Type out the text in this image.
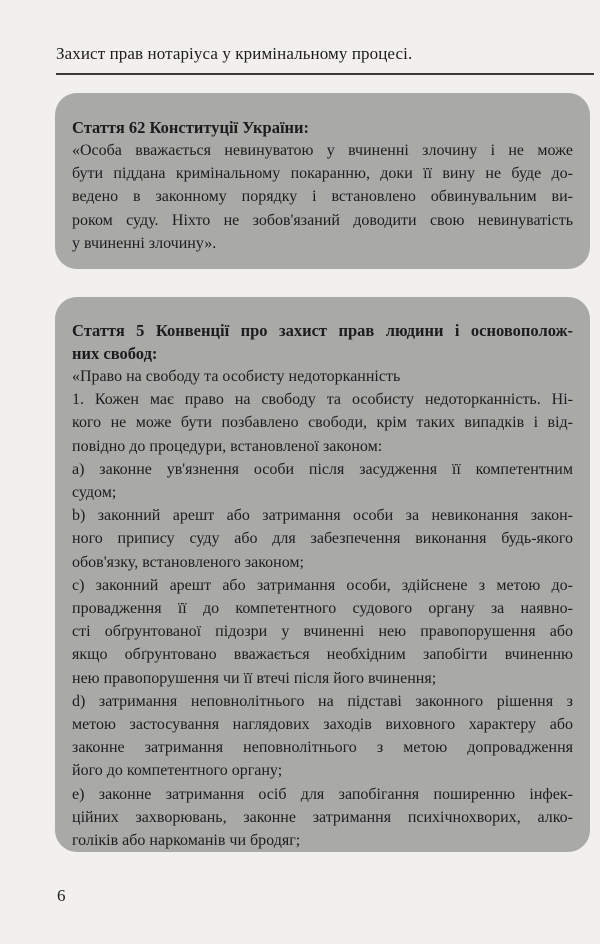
Захист прав нотаріуса у кримінальному процесі.

Стаття 62 Конституції України:

«Особа вважається невинуватою у вчиненні злочину і не може
бути піддана кримінальному покаранню, доки її вину не буде до-
ведено в законному порядку і встановлено обвинувальним ви-
роком суду. Ніхто не зобов'язаний доводити свою невинуватість
у вчиненні злочину».

Стаття 5 Конвенції про захист прав людини і основополож-
них свобод:

«Право на свободу та особисту недоторканність
1. Кожен має право на свободу та особисту недоторканність. Ні-
кого не може бути позбавлено свободи, крім таких випадків і від-
повідно до процедури, встановленої законом:
a) законне ув'язнення особи після засудження її компетентним
судом;
b) законний арешт або затримання особи за невиконання закон-
ного припису суду або для забезпечення виконання будь-якого
обов'язку, встановленого законом;
c) законний арешт або затримання особи, здійснене з метою до-
провадження її до компетентного судового органу за наявно-
сті обґрунтованої підозри у вчиненні нею правопорушення або
якщо обґрунтовано вважається необхідним запобігти вчиненню
нею правопорушення чи її втечі після його вчинення;
d) затримання неповнолітнього на підставі законного рішення з
метою застосування наглядових заходів виховного характеру або
законне затримання неповнолітнього з метою допровадження
його до компетентного органу;
e) законне затримання осіб для запобігання поширенню інфек-
ційних захворювань, законне затримання психічнохворих, алко-
голіків або наркоманів чи бродяг;

6
